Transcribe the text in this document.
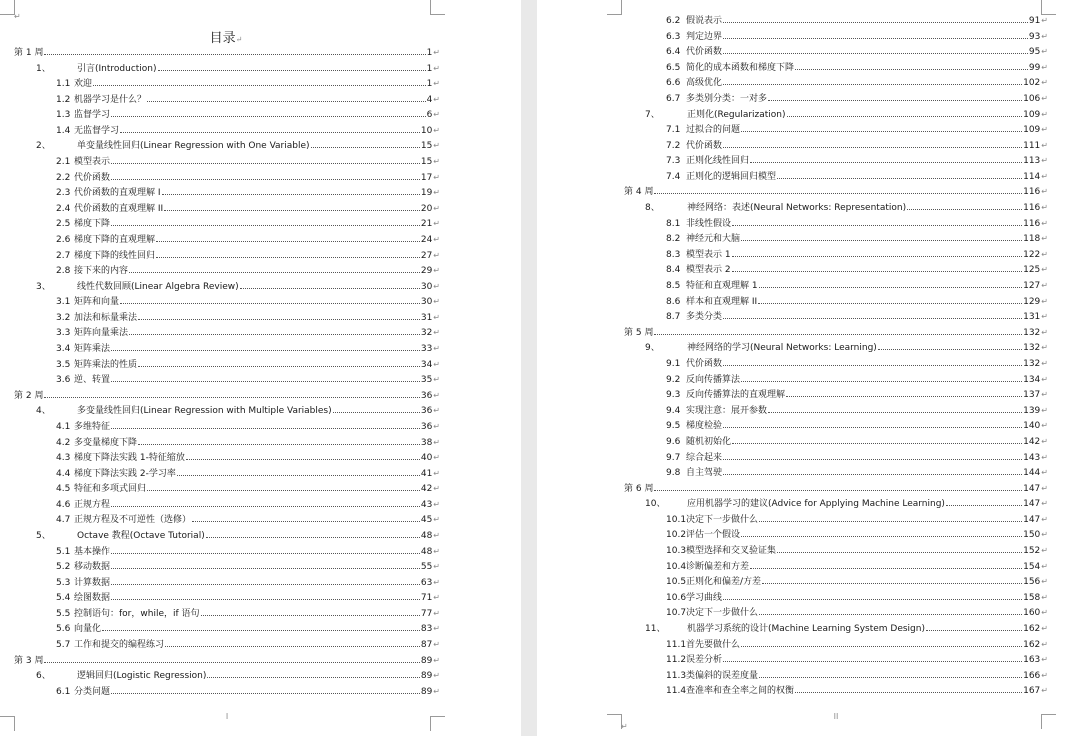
↵
目录↵
第 1 周	1 ↵
1、	引言(Introduction)	1 ↵
1.1 欢迎	1 ↵
1.2 机器学习是什么？	4 ↵
1.3 监督学习	6 ↵
1.4 无监督学习	10 ↵
2、	单变量线性回归(Linear Regression with One Variable)	15 ↵
2.1 模型表示	15 ↵
2.2 代价函数	17 ↵
2.3 代价函数的直观理解 I	19 ↵
2.4 代价函数的直观理解 II	20 ↵
2.5 梯度下降	21 ↵
2.6 梯度下降的直观理解	24 ↵
2.7 梯度下降的线性回归	27 ↵
2.8 接下来的内容	29 ↵
3、	线性代数回顾(Linear Algebra Review)	30 ↵
3.1 矩阵和向量	30 ↵
3.2 加法和标量乘法	31 ↵
3.3 矩阵向量乘法	32 ↵
3.4 矩阵乘法	33 ↵
3.5 矩阵乘法的性质	34 ↵
3.6 逆、转置	35 ↵
第 2 周	36 ↵
4、	多变量线性回归(Linear Regression with Multiple Variables)	36 ↵
4.1 多维特征	36 ↵
4.2 多变量梯度下降	38 ↵
4.3 梯度下降法实践 1-特征缩放	40 ↵
4.4 梯度下降法实践 2-学习率	41 ↵
4.5 特征和多项式回归	42 ↵
4.6 正规方程	43 ↵
4.7 正规方程及不可逆性（选修）	45 ↵
5、	Octave 教程(Octave Tutorial)	48 ↵
5.1 基本操作	48 ↵
5.2 移动数据	55 ↵
5.3 计算数据	63 ↵
5.4 绘图数据	71 ↵
5.5 控制语句：for，while，if 语句	77 ↵
5.6 向量化	83 ↵
5.7 工作和提交的编程练习	87 ↵
第 3 周	89 ↵
6、	逻辑回归(Logistic Regression)	89 ↵
6.1 分类问题	89 ↵
I
6.2 假说表示	91 ↵
6.3 判定边界	93 ↵
6.4 代价函数	95 ↵
6.5 简化的成本函数和梯度下降	99 ↵
6.6 高级优化	102 ↵
6.7 多类别分类：一对多	106 ↵
7、	正则化(Regularization)	109 ↵
7.1 过拟合的问题	109 ↵
7.2 代价函数	111 ↵
7.3 正则化线性回归	113 ↵
7.4 正则化的逻辑回归模型	114 ↵
第 4 周	116 ↵
8、	神经网络：表述(Neural Networks: Representation)	116 ↵
8.1 非线性假设	116 ↵
8.2 神经元和大脑	118 ↵
8.3 模型表示 1	122 ↵
8.4 模型表示 2	125 ↵
8.5 特征和直观理解 1	127 ↵
8.6 样本和直观理解 II	129 ↵
8.7 多类分类	131 ↵
第 5 周	132 ↵
9、	神经网络的学习(Neural Networks: Learning)	132 ↵
9.1 代价函数	132 ↵
9.2 反向传播算法	134 ↵
9.3 反向传播算法的直观理解	137 ↵
9.4 实现注意：展开参数	139 ↵
9.5 梯度检验	140 ↵
9.6 随机初始化	142 ↵
9.7 综合起来	143 ↵
9.8 自主驾驶	144 ↵
第 6 周	147 ↵
10、	应用机器学习的建议(Advice for Applying Machine Learning)	147 ↵
10.1 决定下一步做什么	147 ↵
10.2 评估一个假设	150 ↵
10.3 模型选择和交叉验证集	152 ↵
10.4 诊断偏差和方差	154 ↵
10.5 正则化和偏差/方差	156 ↵
10.6 学习曲线	158 ↵
10.7 决定下一步做什么	160 ↵
11、	机器学习系统的设计(Machine Learning System Design)	162 ↵
11.1 首先要做什么	162 ↵
11.2 误差分析	163 ↵
11.3 类偏斜的误差度量	166 ↵
11.4 查准率和查全率之间的权衡	167 ↵
II
↵
